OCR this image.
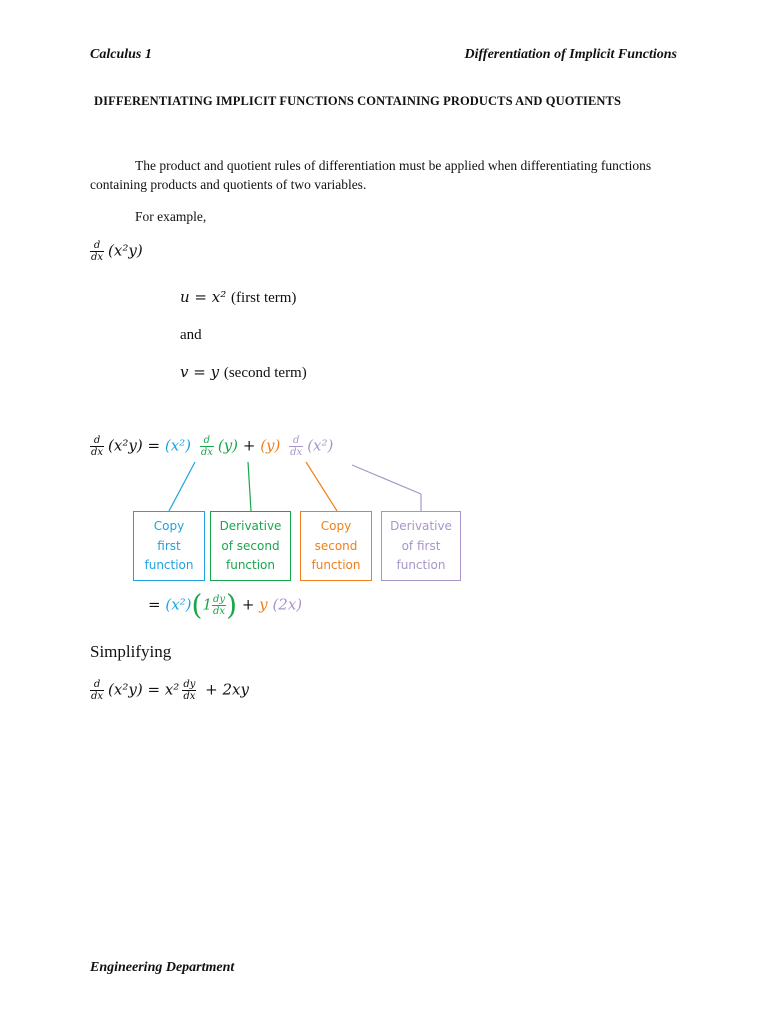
Calculus 1	Differentiation of Implicit Functions
DIFFERENTIATING IMPLICIT FUNCTIONS CONTAINING PRODUCTS AND QUOTIENTS
The product and quotient rules of differentiation must be applied when differentiating functions
containing products and quotients of two variables.
For example,
$\frac{d}{dx} (x^2y)$
u = x² (first term)
and
v = y (second term)
$\frac{d}{dx} (x^2y) = (x^2) \frac{d}{dx} (y) + (y) \frac{d}{dx} (x^2)$
Copy
first
function
Derivative
of second
function
Copy
second
function
Derivative
of first
function
= $(x^2)(1 \frac{dy}{dx}$ ) + y (2x)
Simplifying
$\frac{d}{dx} (x^2y) = x^2 \frac{dy}{dx} + 2xy$
Engineering Department
